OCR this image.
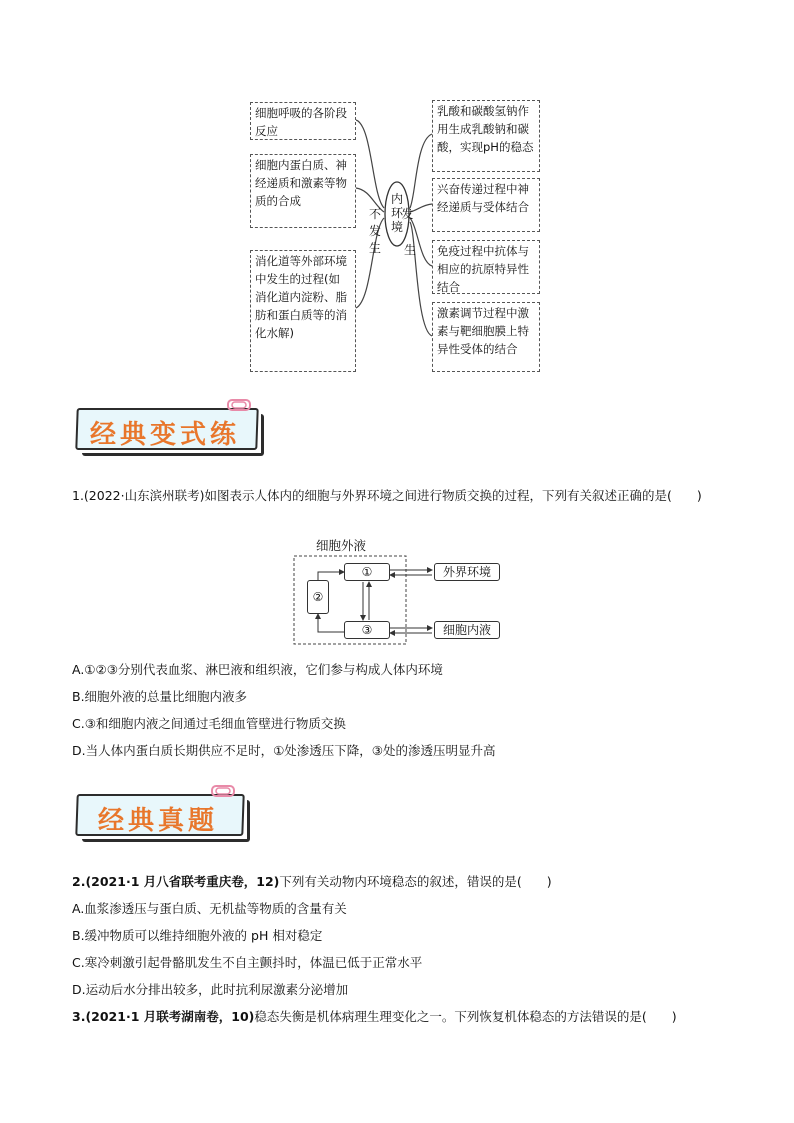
内
环
境
不
发
生
发
生
细胞呼吸的各阶段反应
细胞内蛋白质、神经递质和激素等物质的合成
消化道等外部环境中发生的过程(如消化道内淀粉、脂肪和蛋白质等的消化水解)
乳酸和碳酸氢钠作用生成乳酸钠和碳酸，实现pH的稳态
兴奋传递过程中神经递质与受体结合
免疫过程中抗体与相应的抗原特异性结合
激素调节过程中激素与靶细胞膜上特异性受体的结合
经典变式练
1.(2022·山东滨州联考)如图表示人体内的细胞与外界环境之间进行物质交换的过程，下列有关叙述正确的是(　　)
细胞外液
①
②
③
外界环境
细胞内液
A.①②③分别代表血浆、淋巴液和组织液，它们参与构成人体内环境
B.细胞外液的总量比细胞内液多
C.③和细胞内液之间通过毛细血管壁进行物质交换
D.当人体内蛋白质长期供应不足时，①处渗透压下降，③处的渗透压明显升高
经典真题
2.(2021·1 月八省联考重庆卷，12)下列有关动物内环境稳态的叙述，错误的是(　　)
A.血浆渗透压与蛋白质、无机盐等物质的含量有关
B.缓冲物质可以维持细胞外液的 pH 相对稳定
C.寒冷刺激引起骨骼肌发生不自主颤抖时，体温已低于正常水平
D.运动后水分排出较多，此时抗利尿激素分泌增加
3.(2021·1 月联考湖南卷，10)稳态失衡是机体病理生理变化之一。下列恢复机体稳态的方法错误的是(　　)
